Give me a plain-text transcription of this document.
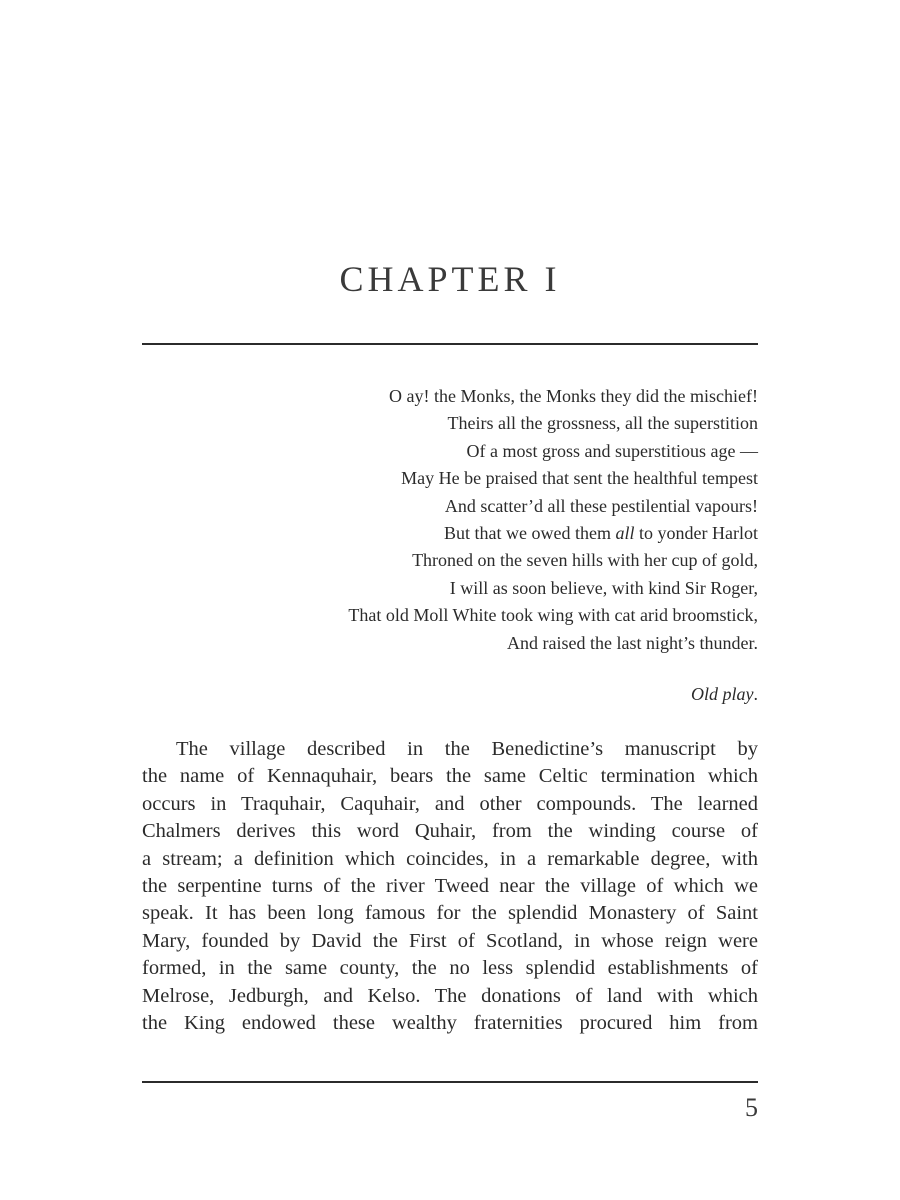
CHAPTER I
O ay! the Monks, the Monks they did the mischief!
Theirs all the grossness, all the superstition
Of a most gross and superstitious age —
May He be praised that sent the healthful tempest
And scatter’d all these pestilential vapours!
But that we owed them all to yonder Harlot
Throned on the seven hills with her cup of gold,
I will as soon believe, with kind Sir Roger,
That old Moll White took wing with cat arid broomstick,
And raised the last night’s thunder.
Old play.
The village described in the Benedictine’s manuscript by
the name of Kennaquhair, bears the same Celtic termination which
occurs in Traquhair, Caquhair, and other compounds. The learned
Chalmers derives this word Quhair, from the winding course of
a stream; a definition which coincides, in a remarkable degree, with
the serpentine turns of the river Tweed near the village of which we
speak. It has been long famous for the splendid Monastery of Saint
Mary, founded by David the First of Scotland, in whose reign were
formed, in the same county, the no less splendid establishments of
Melrose, Jedburgh, and Kelso. The donations of land with which
the King endowed these wealthy fraternities procured him from
5
